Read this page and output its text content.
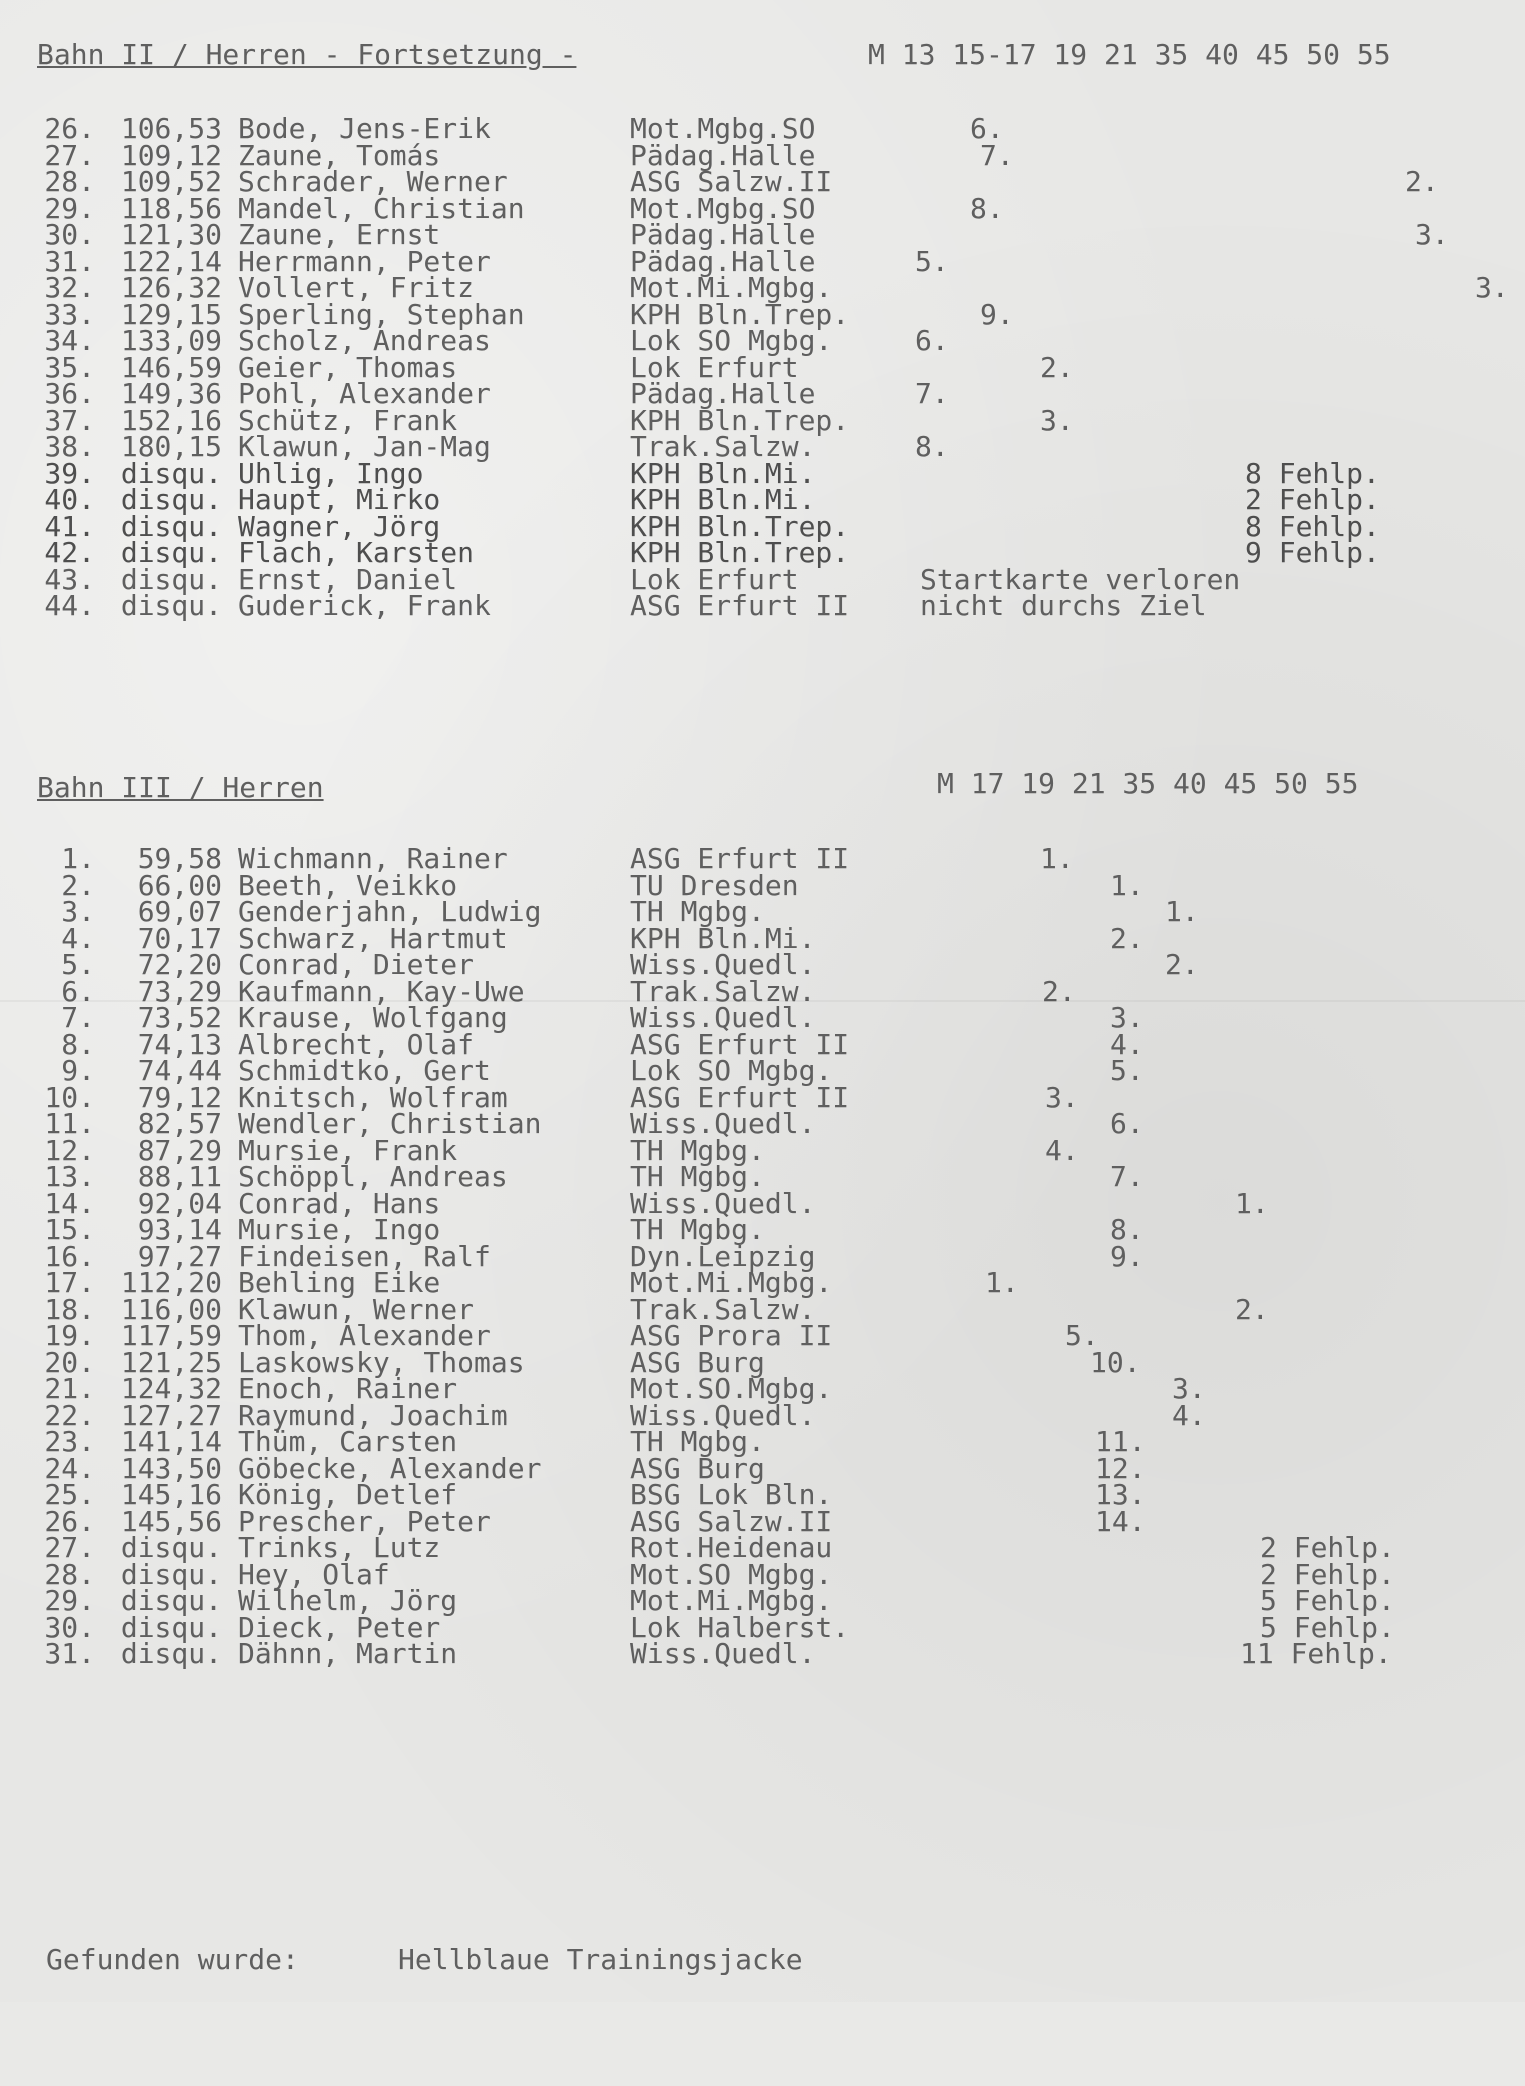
Bahn II / Herren - Fortsetzung -

	M 13 15-17 19 21 35 40 45 50 55

26. 106,53 Bode, Jens-Erik	Mot.Mgbg.SO	6.
27. 109,12 Zaune, Tomás	Pädag.Halle	7.
28. 109,52 Schrader, Werner	ASG Salzw.II	2.
29. 118,56 Mandel, Christian	Mot.Mgbg.SO	8.
30. 121,30 Zaune, Ernst	Pädag.Halle	3.
31. 122,14 Herrmann, Peter	Pädag.Halle	5.
32. 126,32 Vollert, Fritz	Mot.Mi.Mgbg.	3.
33. 129,15 Sperling, Stephan	KPH Bln.Trep.	9.
34. 133,09 Scholz, Andreas	Lok SO Mgbg.	6.
35. 146,59 Geier, Thomas	Lok Erfurt	2.
36. 149,36 Pohl, Alexander	Pädag.Halle	7.
37. 152,16 Schütz, Frank	KPH Bln.Trep.	3.
38. 180,15 Klawun, Jan-Mag	Trak.Salzw.	8.
39. disqu. Uhlig, Ingo	KPH Bln.Mi.	8 Fehlp.
40. disqu. Haupt, Mirko	KPH Bln.Mi.	2 Fehlp.
41. disqu. Wagner, Jörg	KPH Bln.Trep.	8 Fehlp.
42. disqu. Flach, Karsten	KPH Bln.Trep.	9 Fehlp.
43. disqu. Ernst, Daniel	Lok Erfurt	Startkarte verloren
44. disqu. Guderick, Frank	ASG Erfurt II	nicht durchs Ziel

Bahn III / Herren

	M 17 19 21 35 40 45 50 55

1.	59,58 Wichmann, Rainer	ASG Erfurt II	1.
2.	66,00 Beeth, Veikko	TU Dresden	1.
3.	69,07 Genderjahn, Ludwig	TH Mgbg.	1.
4.	70,17 Schwarz, Hartmut	KPH Bln.Mi.	2.
5.	72,20 Conrad, Dieter	Wiss.Quedl.	2.
6.	73,29 Kaufmann, Kay-Uwe	Trak.Salzw.	2.
7.	73,52 Krause, Wolfgang	Wiss.Quedl.	3.
8.	74,13 Albrecht, Olaf	ASG Erfurt II	4.
9.	74,44 Schmidtko, Gert	Lok SO Mgbg.	5.
10.	79,12 Knitsch, Wolfram	ASG Erfurt II	3.
11.	82,57 Wendler, Christian	Wiss.Quedl.	6.
12.	87,29 Mursie, Frank	TH Mgbg.	4.
13.	88,11 Schöppl, Andreas	TH Mgbg.	7.
14.	92,04 Conrad, Hans	Wiss.Quedl.	1.
15.	93,14 Mursie, Ingo	TH Mgbg.	8.
16.	97,27 Findeisen, Ralf	Dyn.Leipzig	9.
17. 112,20 Behling Eike	Mot.Mi.Mgbg.	1.
18. 116,00 Klawun, Werner	Trak.Salzw.	2.
19. 117,59 Thom, Alexander	ASG Prora II	5.
20. 121,25 Laskowsky, Thomas	ASG Burg	10.
21. 124,32 Enoch, Rainer	Mot.SO.Mgbg.	3.
22. 127,27 Raymund, Joachim	Wiss.Quedl.	4.
23. 141,14 Thüm, Carsten	TH Mgbg.	11.
24. 143,50 Göbecke, Alexander	ASG Burg	12.
25. 145,16 König, Detlef	BSG Lok Bln.	13.
26. 145,56 Prescher, Peter	ASG Salzw.II	14.
27. disqu. Trinks, Lutz	Rot.Heidenau	2 Fehlp.
28. disqu. Hey, Olaf	Mot.SO Mgbg.	2 Fehlp.
29. disqu. Wilhelm, Jörg	Mot.Mi.Mgbg.	5 Fehlp.
30. disqu. Dieck, Peter	Lok Halberst.	5 Fehlp.
31. disqu. Dähnn, Martin	Wiss.Quedl.	11 Fehlp.

Gefunden wurde:

	Hellblaue Trainingsjacke
